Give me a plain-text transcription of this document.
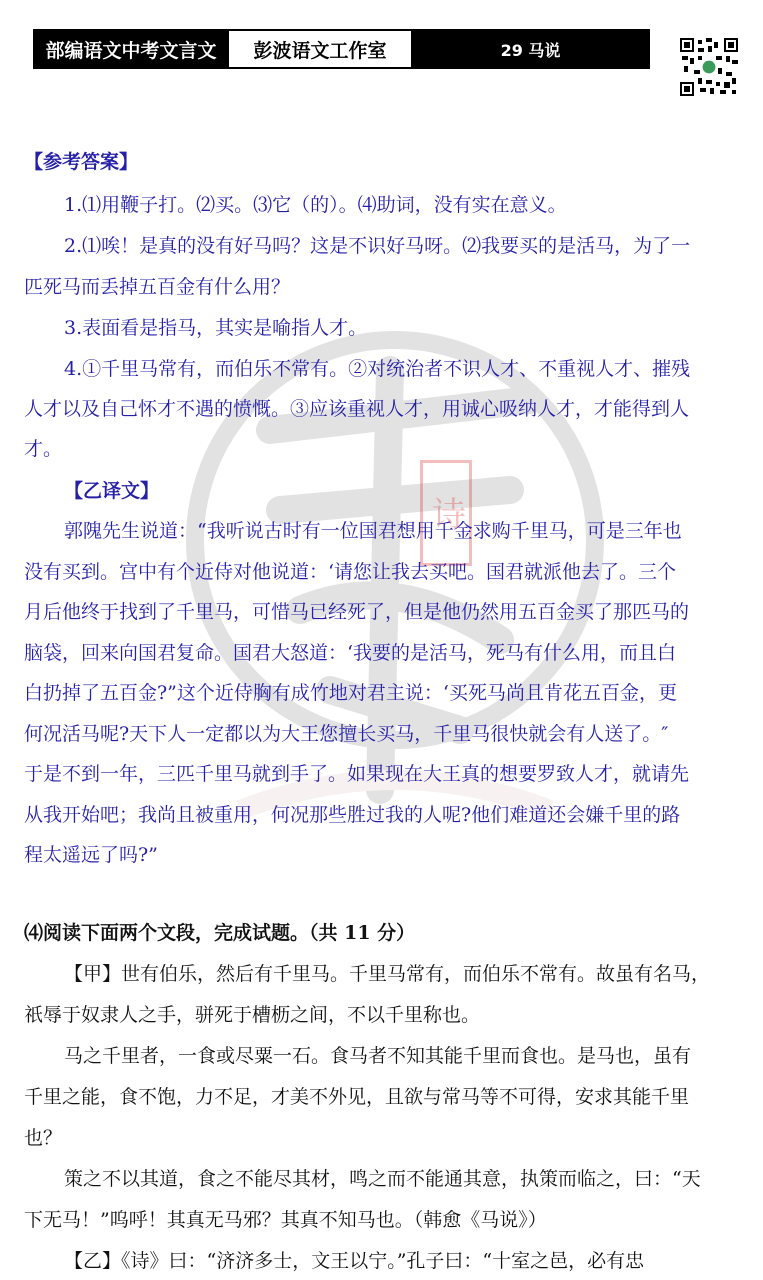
部编语文中考文言文	彭波语文工作室	29 马说
诗
【参考答案】
1.⑴用鞭子打。⑵买。⑶它（的）。⑷助词，没有实在意义。
2.⑴唉！是真的没有好马吗？这是不识好马呀。⑵我要买的是活马，为了一
匹死马而丢掉五百金有什么用？
3.表面看是指马，其实是喻指人才。
4.①千里马常有，而伯乐不常有。②对统治者不识人才、不重视人才、摧残
人才以及自己怀才不遇的愤慨。③应该重视人才，用诚心吸纳人才，才能得到人
才。
【乙译文】
郭隗先生说道：“我听说古时有一位国君想用千金求购千里马，可是三年也
没有买到。宫中有个近侍对他说道：‘请您让我去买吧。国君就派他去了。三个
月后他终于找到了千里马，可惜马已经死了，但是他仍然用五百金买了那匹马的
脑袋，回来向国君复命。国君大怒道：‘我要的是活马，死马有什么用，而且白
白扔掉了五百金?”这个近侍胸有成竹地对君主说：‘买死马尚且肯花五百金，更
何况活马呢?天下人一定都以为大王您擅长买马，千里马很快就会有人送了。″
于是不到一年，三匹千里马就到手了。如果现在大王真的想要罗致人才，就请先
从我开始吧；我尚且被重用，何况那些胜过我的人呢?他们难道还会嫌千里的路
程太遥远了吗?”
⑷阅读下面两个文段，完成试题。（共 11 分）
【甲】世有伯乐，然后有千里马。千里马常有，而伯乐不常有。故虽有名马，
祇辱于奴隶人之手，骈死于槽枥之间，不以千里称也。
马之千里者，一食或尽粟一石。食马者不知其能千里而食也。是马也，虽有
千里之能，食不饱，力不足，才美不外见，且欲与常马等不可得，安求其能千里
也？
策之不以其道，食之不能尽其材，鸣之而不能通其意，执策而临之，曰：“天
下无马！”呜呼！其真无马邪？其真不知马也。（韩愈《马说》）
【乙】《诗》曰：“济济多士，文王以宁。”孔子曰：“十室之邑，必有忠
